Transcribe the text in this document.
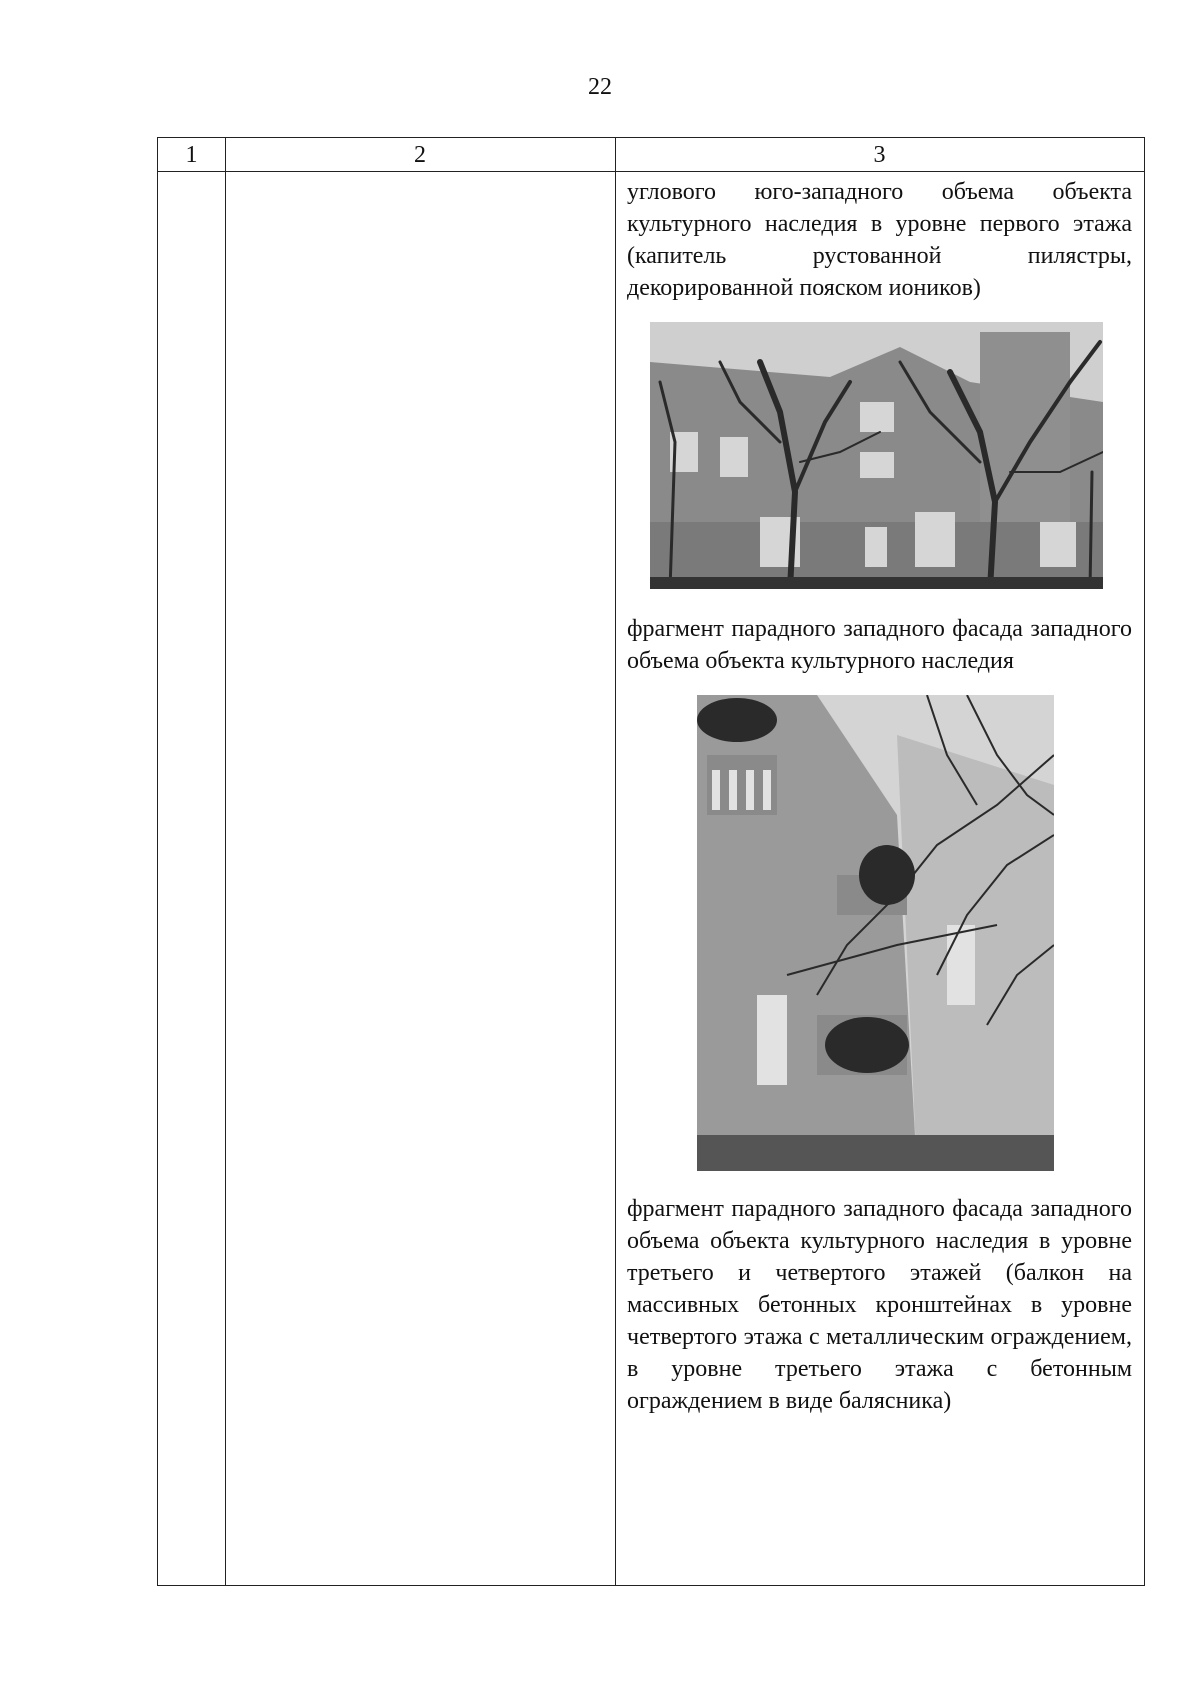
22
1	2	3

углового юго-западного объема объекта культурного наследия в уровне первого этажа (капитель рустованной пилястры, декорированной пояском иоников)

фрагмент парадного западного фасада западного объема объекта культурного наследия

фрагмент парадного западного фасада западного объема объекта культурного наследия в уровне третьего и четвертого этажей (балкон на массивных бетонных кронштейнах в уровне четвертого этажа с металлическим ограждением, в уровне третьего этажа с бетонным ограждением в виде балясника)
